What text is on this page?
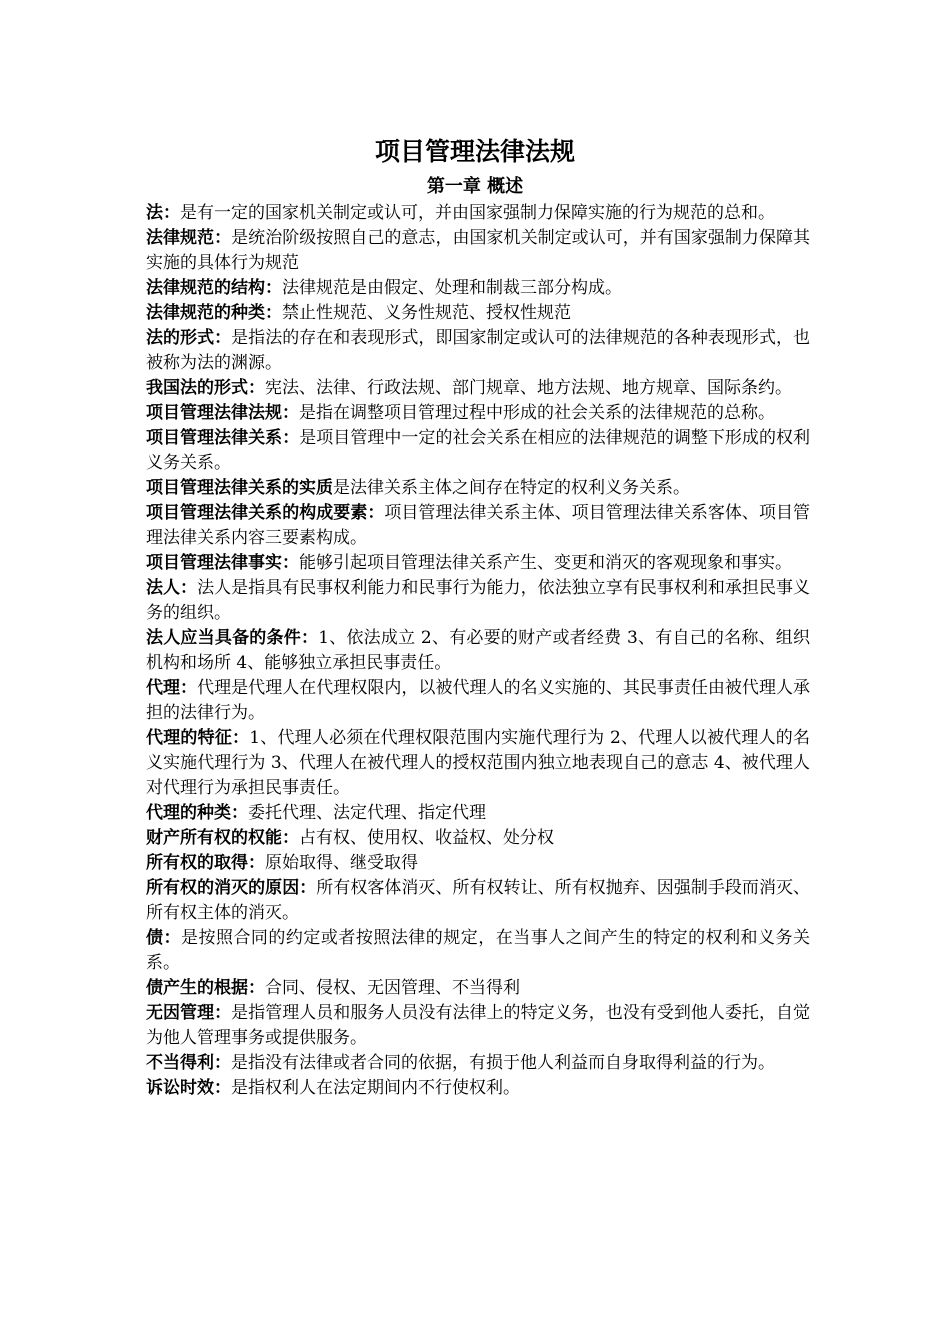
项目管理法律法规
第一章 概述

法：是有一定的国家机关制定或认可，并由国家强制力保障实施的行为规范的总和。

法律规范：是统治阶级按照自己的意志，由国家机关制定或认可，并有国家强制力保障其实施的具体行为规范

法律规范的结构：法律规范是由假定、处理和制裁三部分构成。

法律规范的种类：禁止性规范、义务性规范、授权性规范

法的形式：是指法的存在和表现形式，即国家制定或认可的法律规范的各种表现形式，也被称为法的渊源。

我国法的形式：宪法、法律、行政法规、部门规章、地方法规、地方规章、国际条约。

项目管理法律法规：是指在调整项目管理过程中形成的社会关系的法律规范的总称。

项目管理法律关系：是项目管理中一定的社会关系在相应的法律规范的调整下形成的权利义务关系。

项目管理法律关系的实质是法律关系主体之间存在特定的权利义务关系。

项目管理法律关系的构成要素：项目管理法律关系主体、项目管理法律关系客体、项目管理法律关系内容三要素构成。

项目管理法律事实：能够引起项目管理法律关系产生、变更和消灭的客观现象和事实。

法人：法人是指具有民事权利能力和民事行为能力，依法独立享有民事权利和承担民事义务的组织。

法人应当具备的条件：1、依法成立 2、有必要的财产或者经费 3、有自己的名称、组织机构和场所 4、能够独立承担民事责任。

代理：代理是代理人在代理权限内，以被代理人的名义实施的、其民事责任由被代理人承担的法律行为。

代理的特征：1、代理人必须在代理权限范围内实施代理行为 2、代理人以被代理人的名义实施代理行为 3、代理人在被代理人的授权范围内独立地表现自己的意志 4、被代理人对代理行为承担民事责任。

代理的种类：委托代理、法定代理、指定代理

财产所有权的权能：占有权、使用权、收益权、处分权

所有权的取得：原始取得、继受取得

所有权的消灭的原因：所有权客体消灭、所有权转让、所有权抛弃、因强制手段而消灭、所有权主体的消灭。

债：是按照合同的约定或者按照法律的规定，在当事人之间产生的特定的权利和义务关系。

债产生的根据：合同、侵权、无因管理、不当得利

无因管理：是指管理人员和服务人员没有法律上的特定义务，也没有受到他人委托，自觉为他人管理事务或提供服务。

不当得利：是指没有法律或者合同的依据，有损于他人利益而自身取得利益的行为。

诉讼时效：是指权利人在法定期间内不行使权利。
